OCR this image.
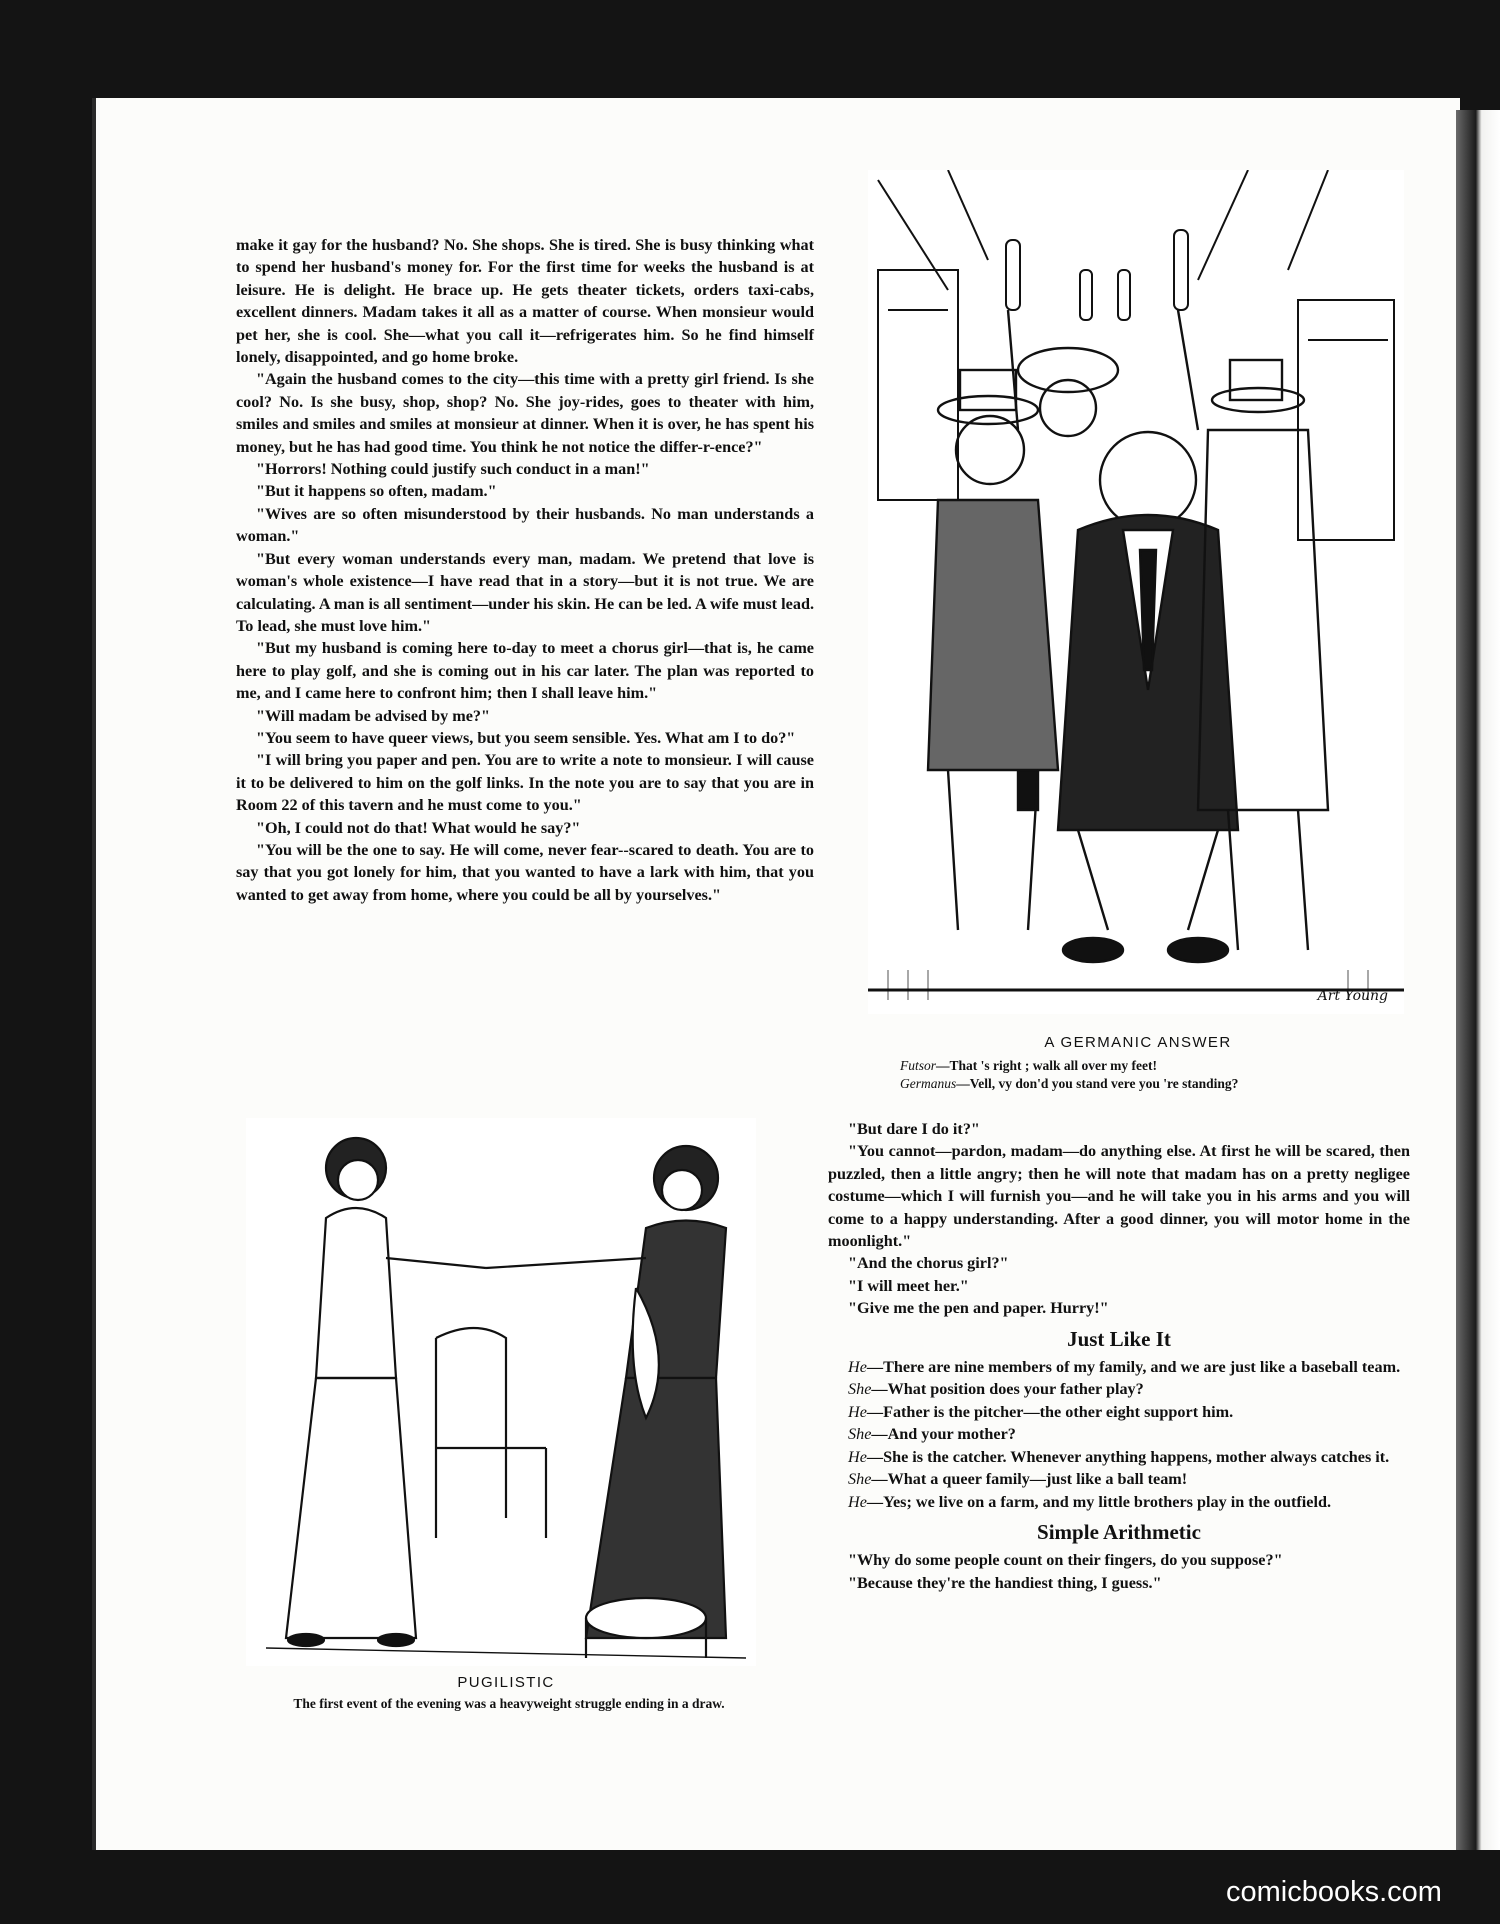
make it gay for the husband? No. She shops. She is tired. She is busy thinking what to spend her husband's money for. For the first time for weeks the husband is at leisure. He is delight. He brace up. He gets theater tickets, orders taxi-cabs, excellent dinners. Madam takes it all as a matter of course. When monsieur would pet her, she is cool. She—what you call it—refrigerates him. So he find himself lonely, disappointed, and go home broke.

"Again the husband comes to the city—this time with a pretty girl friend. Is she cool? No. Is she busy, shop, shop? No. She joy-rides, goes to theater with him, smiles and smiles and smiles at monsieur at dinner. When it is over, he has spent his money, but he has had good time. You think he not notice the differ-r-ence?"

"Horrors! Nothing could justify such conduct in a man!"

"But it happens so often, madam."

"Wives are so often misunderstood by their husbands. No man understands a woman."

"But every woman understands every man, madam. We pretend that love is woman's whole existence—I have read that in a story—but it is not true. We are calculating. A man is all sentiment—under his skin. He can be led. A wife must lead. To lead, she must love him."

"But my husband is coming here to-day to meet a chorus girl—that is, he came here to play golf, and she is coming out in his car later. The plan was reported to me, and I came here to confront him; then I shall leave him."

"Will madam be advised by me?"

"You seem to have queer views, but you seem sensible. Yes. What am I to do?"

"I will bring you paper and pen. You are to write a note to monsieur. I will cause it to be delivered to him on the golf links. In the note you are to say that you are in Room 22 of this tavern and he must come to you."

"Oh, I could not do that! What would he say?"

"You will be the one to say. He will come, never fear--scared to death. You are to say that you got lonely for him, that you wanted to have a lark with him, that you wanted to get away from home, where you could be all by yourselves."

Art Young
A GERMANIC ANSWER
Futsor—That 's right ; walk all over my feet!
Germanus—Vell, vy don'd you stand vere you 're standing?
PUGILISTIC
The first event of the evening was a heavyweight struggle ending in a draw.

"But dare I do it?"

"You cannot—pardon, madam—do anything else. At first he will be scared, then puzzled, then a little angry; then he will note that madam has on a pretty negligee costume—which I will furnish you—and he will take you in his arms and you will come to a happy understanding. After a good dinner, you will motor home in the moonlight."

"And the chorus girl?"

"I will meet her."

"Give me the pen and paper. Hurry!"

Just Like It

He—There are nine members of my family, and we are just like a baseball team.

She—What position does your father play?

He—Father is the pitcher—the other eight support him.

She—And your mother?

He—She is the catcher. Whenever anything happens, mother always catches it.

She—What a queer family—just like a ball team!

He—Yes; we live on a farm, and my little brothers play in the outfield.

Simple Arithmetic

"Why do some people count on their fingers, do you suppose?"

"Because they're the handiest thing, I guess."

comicbooks.com
